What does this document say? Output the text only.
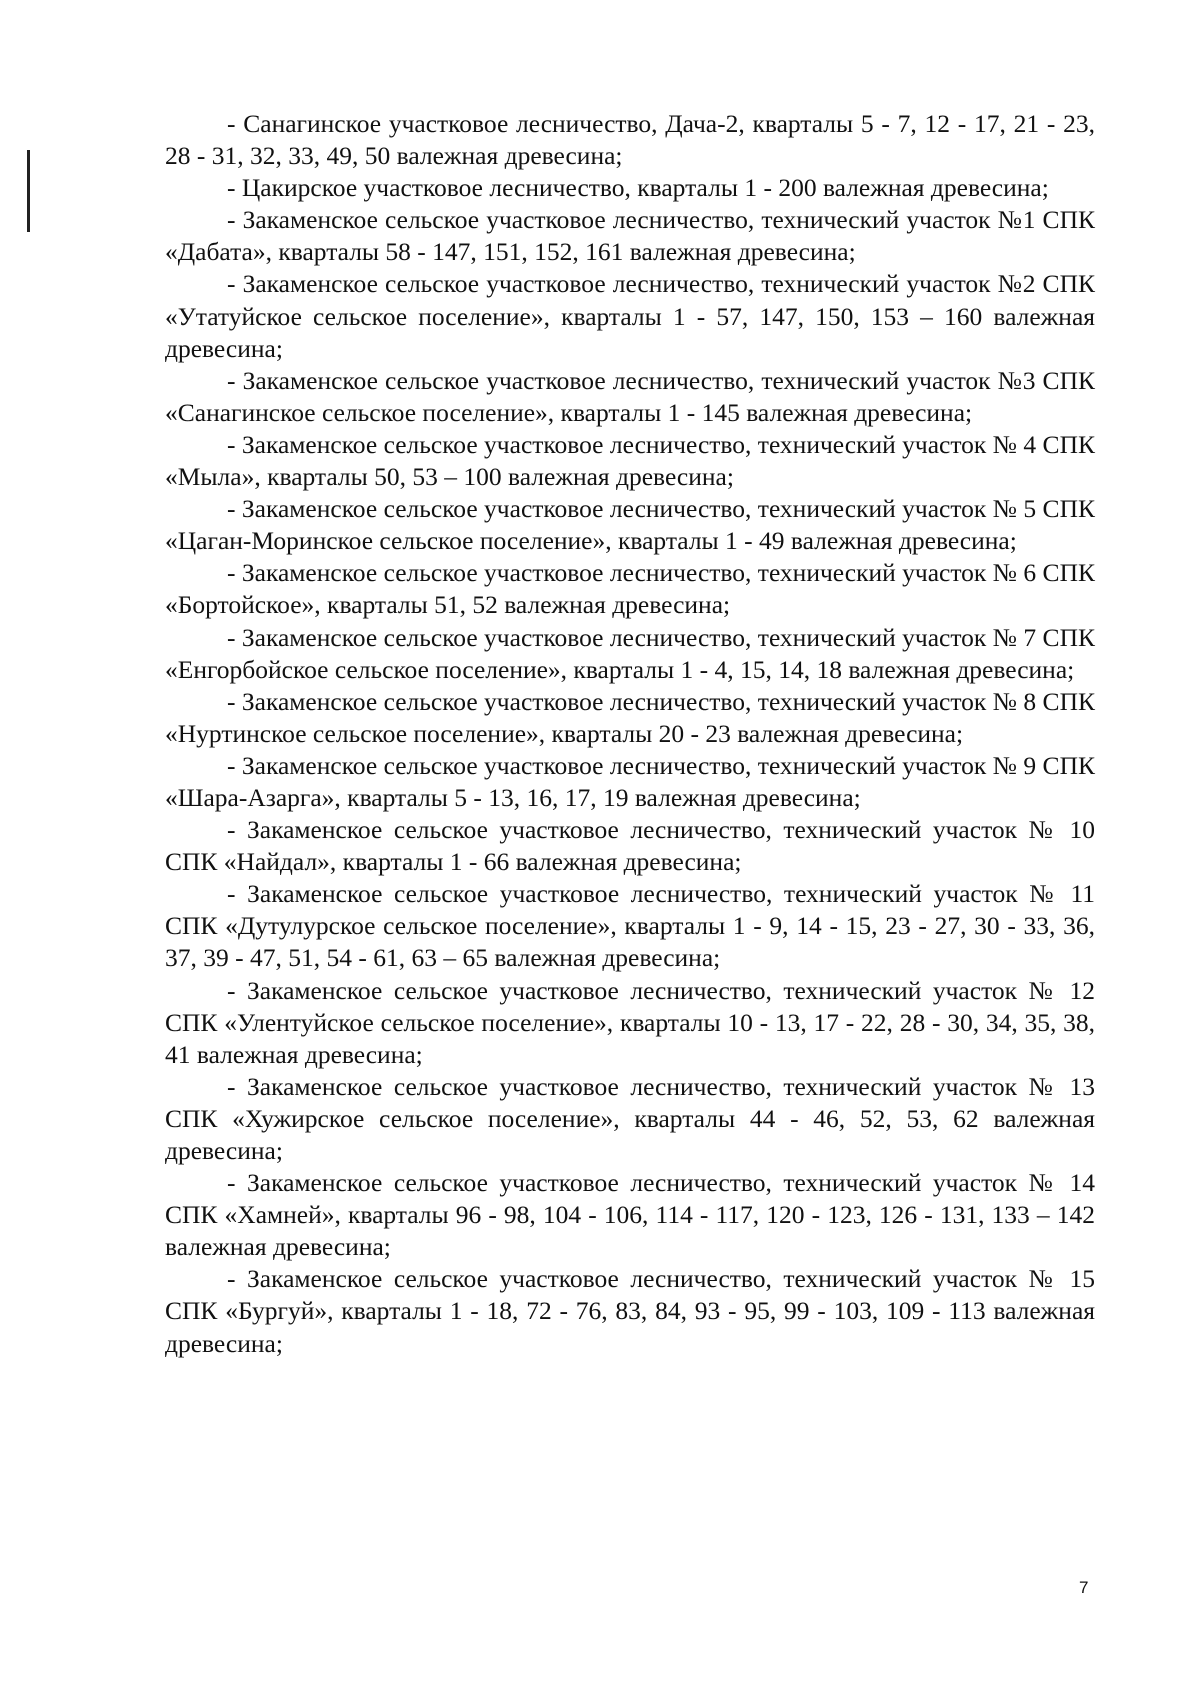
- Санагинское участковое лесничество, Дача-2, кварталы 5 - 7, 12 - 17, 21 - 23, 28 - 31, 32, 33, 49, 50 валежная древесина;

- Цакирское участковое лесничество, кварталы 1 - 200 валежная древесина;

- Закаменское сельское участковое лесничество, технический участок №1 СПК «Дабата», кварталы 58 - 147, 151, 152, 161 валежная древесина;

- Закаменское сельское участковое лесничество, технический участок №2 СПК «Утатуйское сельское поселение», кварталы 1 - 57, 147, 150, 153 – 160 валежная древесина;

- Закаменское сельское участковое лесничество, технический участок №3 СПК «Санагинское сельское поселение», кварталы 1 - 145 валежная древесина;

- Закаменское сельское участковое лесничество, технический участок № 4 СПК «Мыла», кварталы 50, 53 – 100 валежная древесина;

- Закаменское сельское участковое лесничество, технический участок № 5 СПК «Цаган-Моринское сельское поселение», кварталы 1 - 49 валежная древесина;

- Закаменское сельское участковое лесничество, технический участок № 6 СПК «Бортойское», кварталы 51, 52 валежная древесина;

- Закаменское сельское участковое лесничество, технический участок № 7 СПК «Енгорбойское сельское поселение», кварталы 1 - 4, 15, 14, 18 валежная древесина;

- Закаменское сельское участковое лесничество, технический участок № 8 СПК «Нуртинское сельское поселение», кварталы 20 - 23 валежная древесина;

- Закаменское сельское участковое лесничество, технический участок № 9 СПК «Шара-Азарга», кварталы 5 - 13, 16, 17, 19 валежная древесина;

- Закаменское сельское участковое лесничество, технический участок № 10 СПК «Найдал», кварталы 1 - 66 валежная древесина;

- Закаменское сельское участковое лесничество, технический участок № 11 СПК «Дутулурское сельское поселение», кварталы 1 - 9, 14 - 15, 23 - 27, 30 - 33, 36, 37, 39 - 47, 51, 54 - 61, 63 – 65 валежная древесина;

- Закаменское сельское участковое лесничество, технический участок № 12 СПК «Улентуйское сельское поселение», кварталы 10 - 13, 17 - 22, 28 - 30, 34, 35, 38, 41 валежная древесина;

- Закаменское сельское участковое лесничество, технический участок № 13 СПК «Хужирское сельское поселение», кварталы 44 - 46, 52, 53, 62 валежная древесина;

- Закаменское сельское участковое лесничество, технический участок № 14 СПК «Хамней», кварталы 96 - 98, 104 - 106, 114 - 117, 120 - 123, 126 - 131, 133 – 142 валежная древесина;

- Закаменское сельское участковое лесничество, технический участок № 15 СПК «Бургуй», кварталы 1 - 18, 72 - 76, 83, 84, 93 - 95, 99 - 103, 109 - 113 валежная древесина;

7
